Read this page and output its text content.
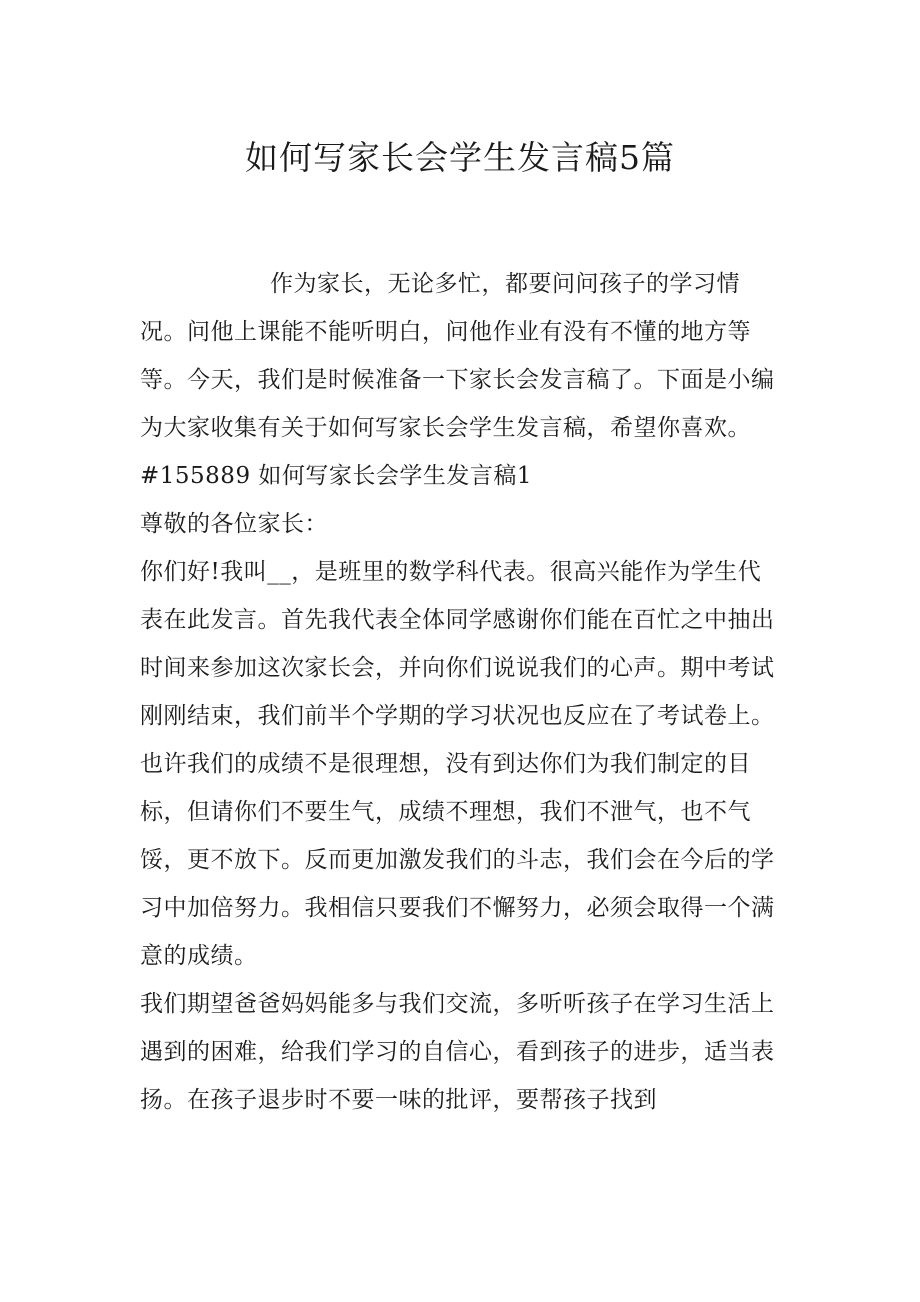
如何写家长会学生发言稿5篇

作为家长，无论多忙，都要问问孩子的学习情况。问他上课能不能听明白，问他作业有没有不懂的地方等等。今天，我们是时候准备一下家长会发言稿了。下面是小编为大家收集有关于如何写家长会学生发言稿，希望你喜欢。

#155889 如何写家长会学生发言稿1

尊敬的各位家长：

你们好!我叫__，是班里的数学科代表。很高兴能作为学生代表在此发言。首先我代表全体同学感谢你们能在百忙之中抽出时间来参加这次家长会，并向你们说说我们的心声。期中考试刚刚结束，我们前半个学期的学习状况也反应在了考试卷上。也许我们的成绩不是很理想，没有到达你们为我们制定的目标，但请你们不要生气，成绩不理想，我们不泄气，也不气馁，更不放下。反而更加激发我们的斗志，我们会在今后的学习中加倍努力。我相信只要我们不懈努力，必须会取得一个满意的成绩。

我们期望爸爸妈妈能多与我们交流，多听听孩子在学习生活上遇到的困难，给我们学习的自信心，看到孩子的进步，适当表扬。在孩子退步时不要一味的批评，要帮孩子找到
